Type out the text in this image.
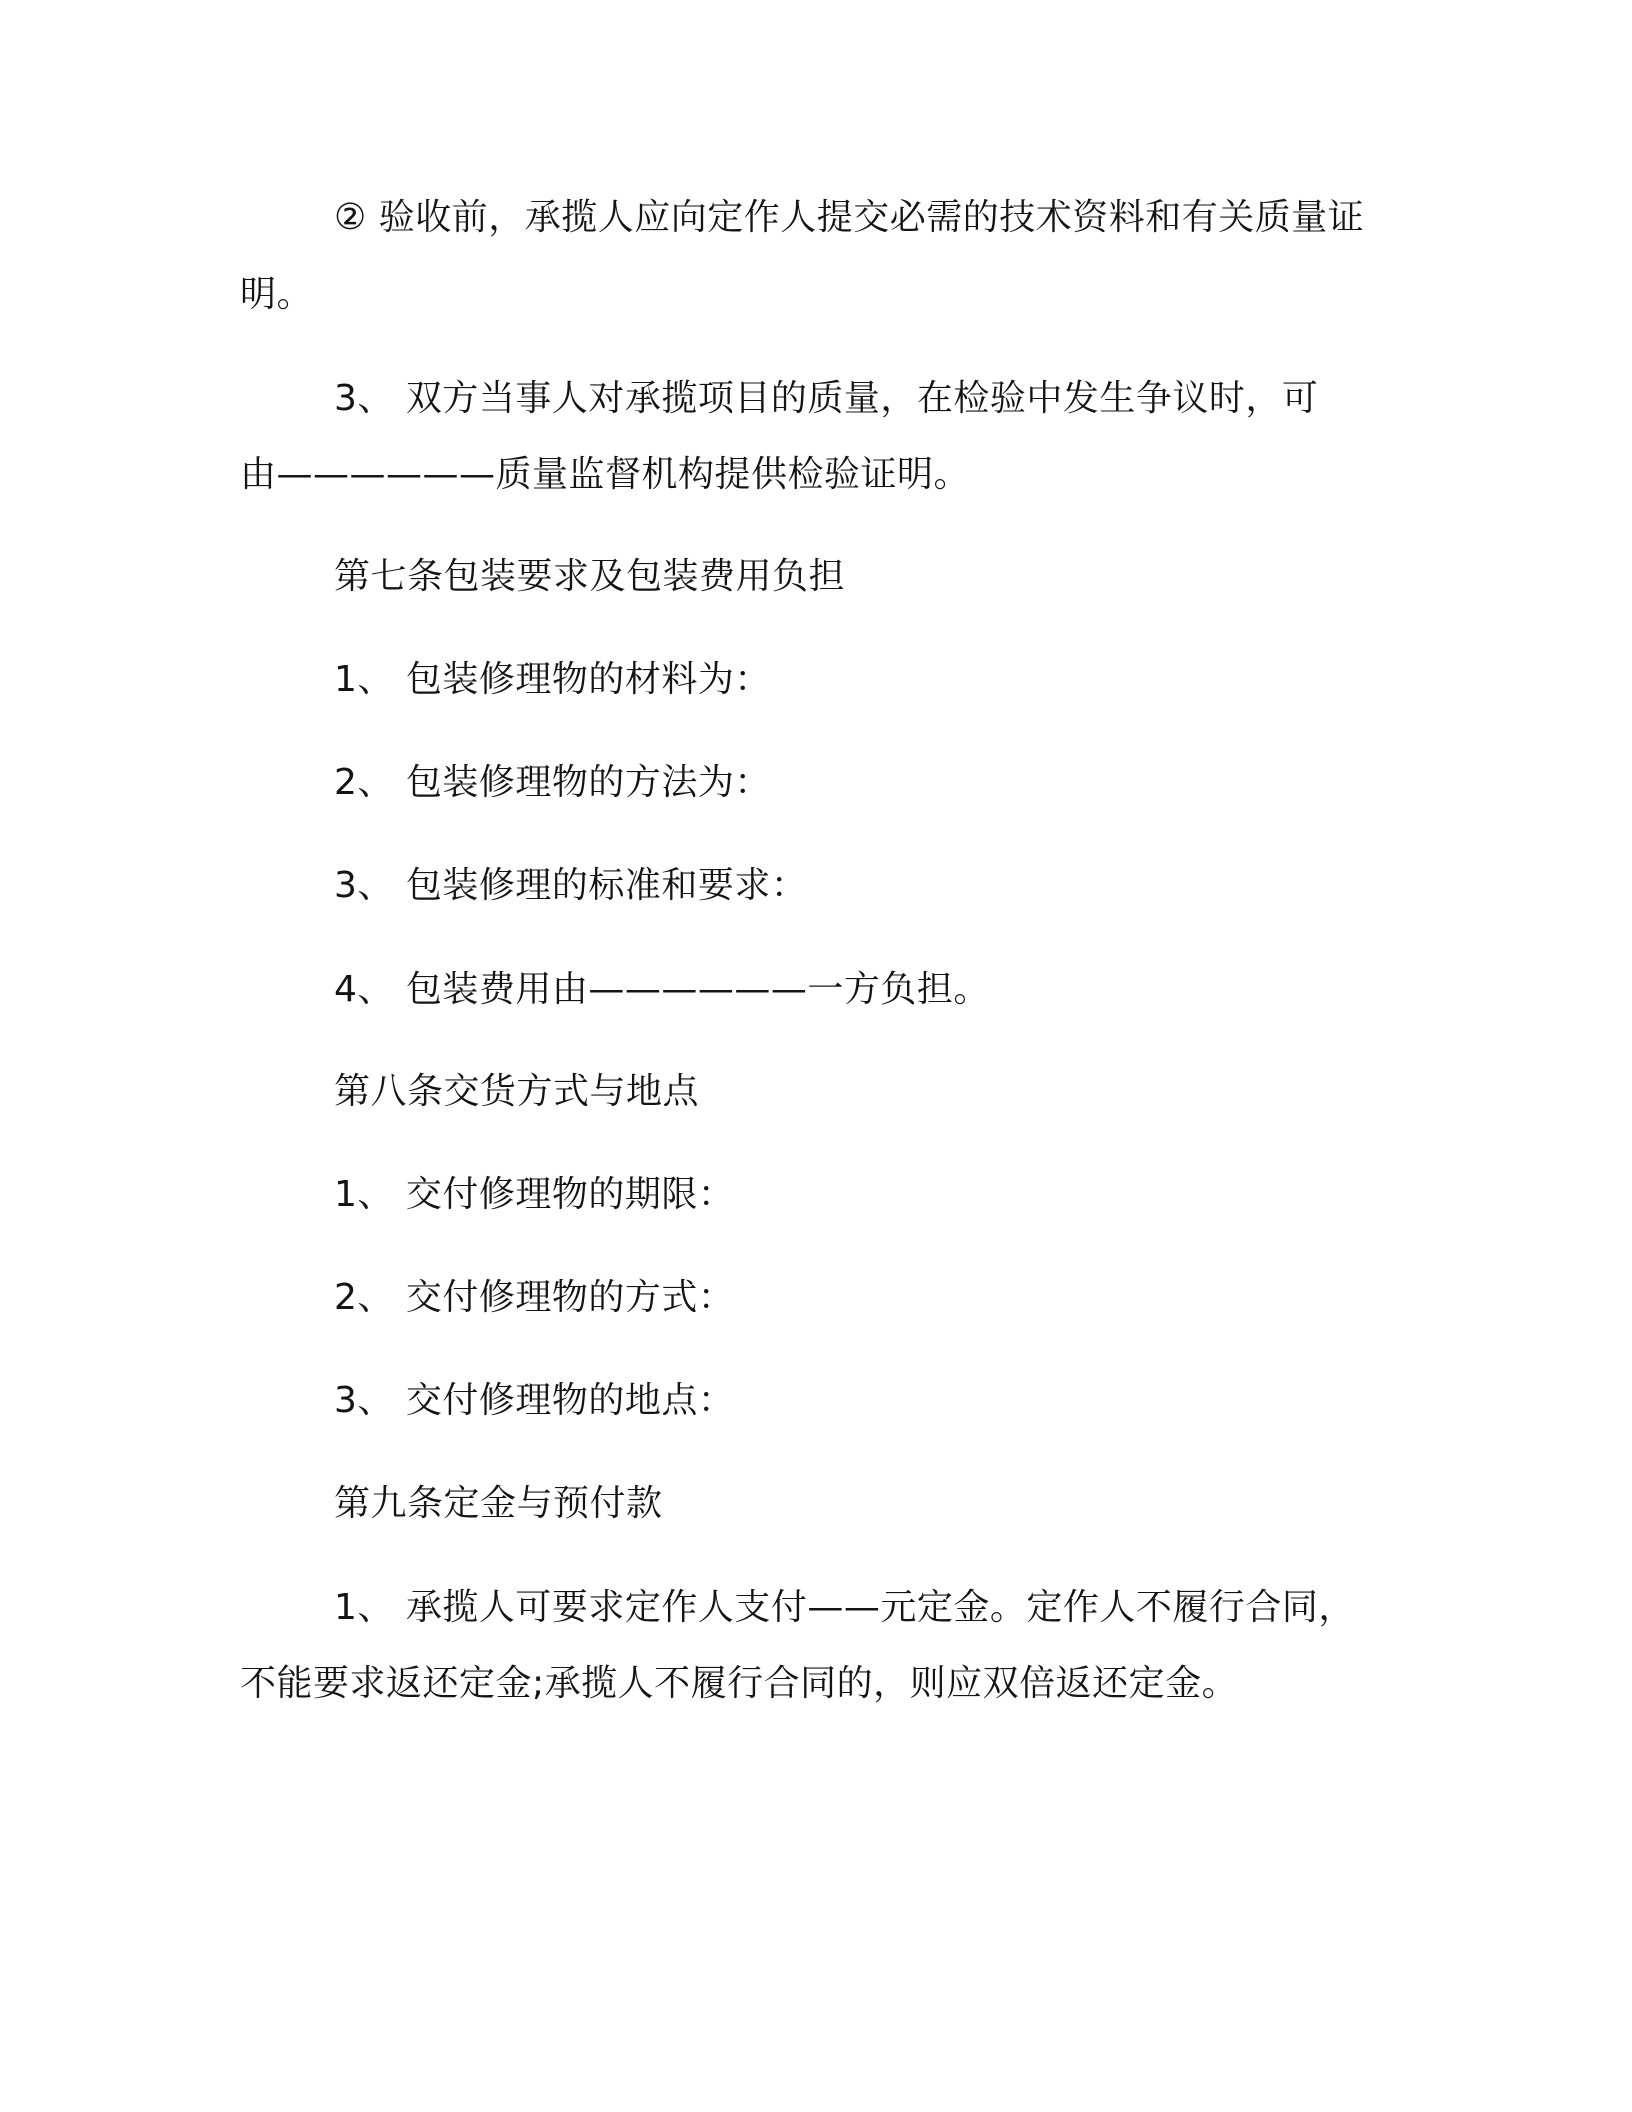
② 验收前，承揽人应向定作人提交必需的技术资料和有关质量证
明。
3、 双方当事人对承揽项目的质量，在检验中发生争议时，可
由——————质量监督机构提供检验证明。
第七条包装要求及包装费用负担
1、 包装修理物的材料为：
2、 包装修理物的方法为：
3、 包装修理的标准和要求：
4、 包装费用由——————一方负担。
第八条交货方式与地点
1、 交付修理物的期限：
2、 交付修理物的方式：
3、 交付修理物的地点：
第九条定金与预付款
1、 承揽人可要求定作人支付——元定金。定作人不履行合同，
不能要求返还定金;承揽人不履行合同的，则应双倍返还定金。
